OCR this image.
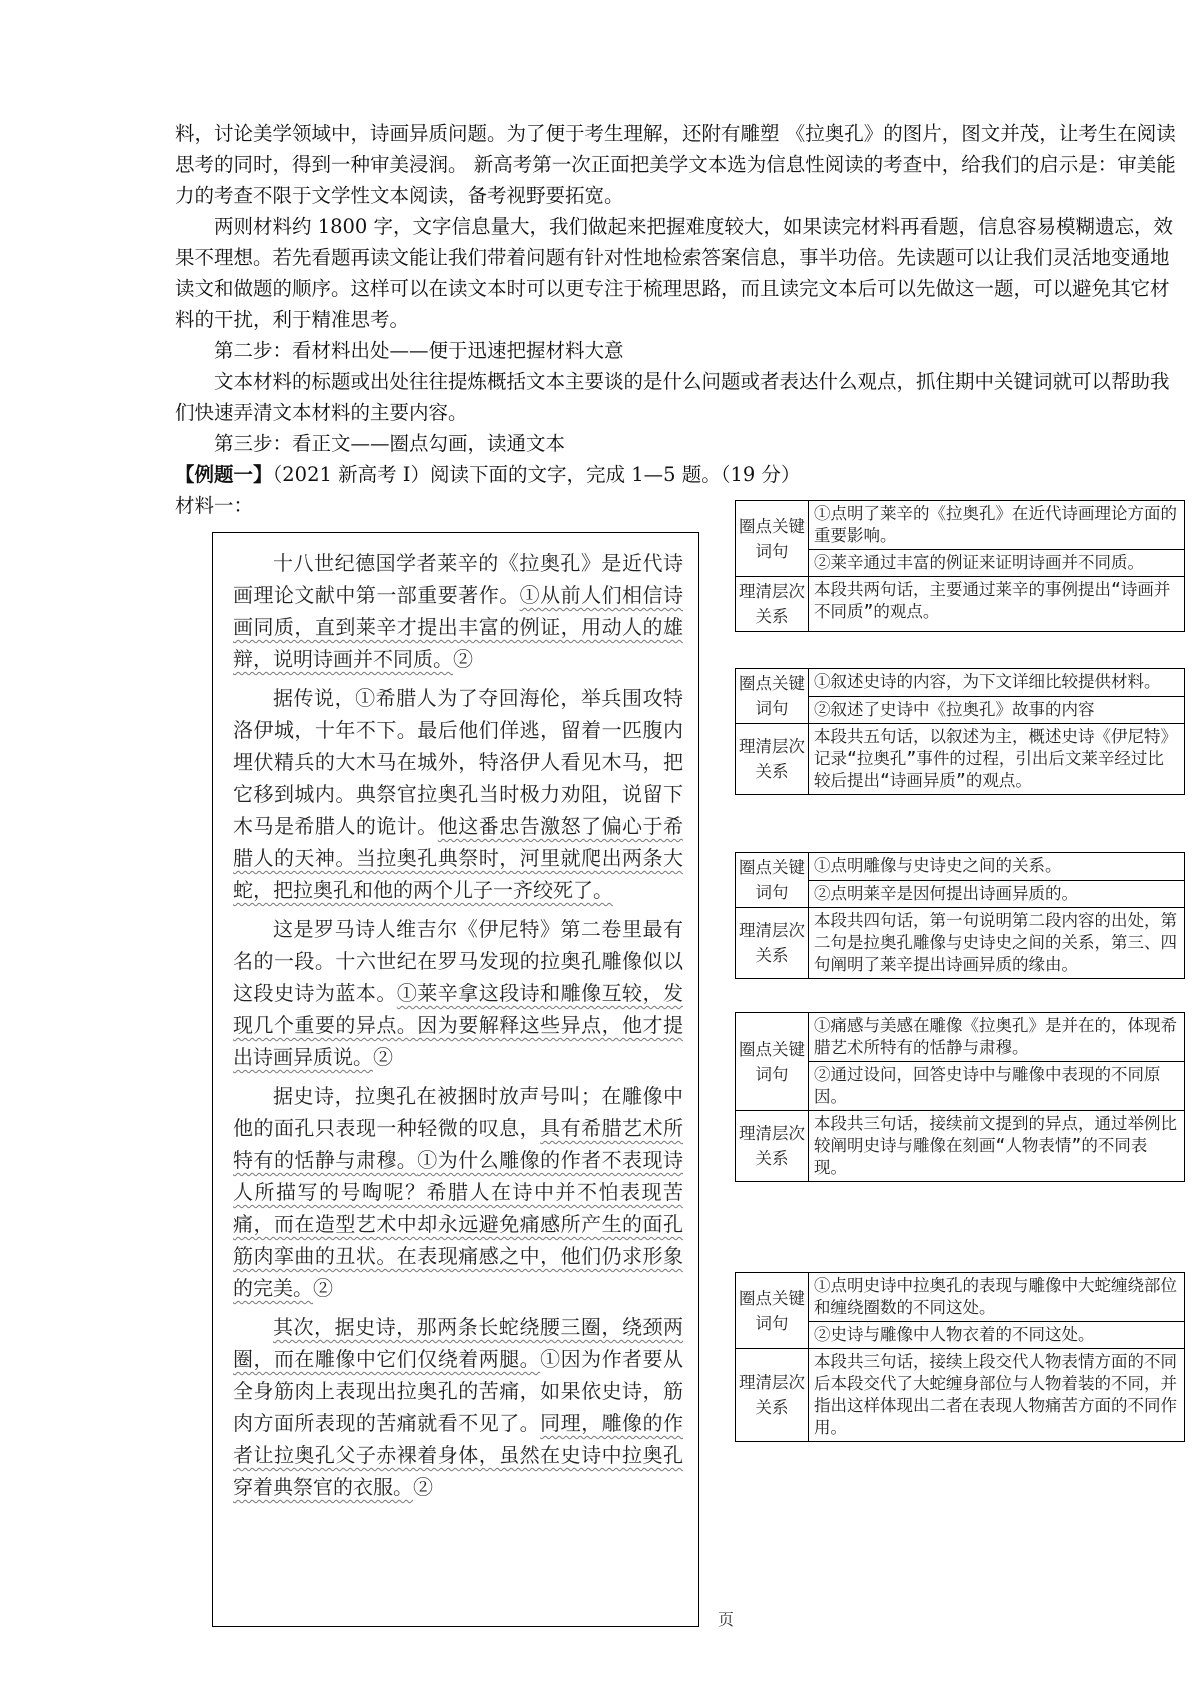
料，讨论美学领域中，诗画异质问题。为了便于考生理解，还附有雕塑 《拉奥孔》的图片，图文并茂，让考生在阅读思考的同时，得到一种审美浸润。 新高考第一次正面把美学文本选为信息性阅读的考查中，给我们的启示是：审美能力的考查不限于文学性文本阅读，备考视野要拓宽。

两则材料约 1800 字，文字信息量大，我们做起来把握难度较大，如果读完材料再看题，信息容易模糊遗忘，效果不理想。若先看题再读文能让我们带着问题有针对性地检索答案信息，事半功倍。先读题可以让我们灵活地变通地读文和做题的顺序。这样可以在读文本时可以更专注于梳理思路，而且读完文本后可以先做这一题，可以避免其它材料的干扰，利于精准思考。

第二步：看材料出处——便于迅速把握材料大意

文本材料的标题或出处往往提炼概括文本主要谈的是什么问题或者表达什么观点，抓住期中关键词就可以帮助我们快速弄清文本材料的主要内容。

第三步：看正文——圈点勾画，读通文本

【例题一】（2021 新高考 I）阅读下面的文字，完成 1—5 题。（19 分）

材料一：

十八世纪德国学者莱辛的《拉奥孔》是近代诗画理论文献中第一部重要著作。①从前人们相信诗画同质，直到莱辛才提出丰富的例证，用动人的雄辩，说明诗画并不同质。②

据传说，①希腊人为了夺回海伦，举兵围攻特洛伊城，十年不下。最后他们佯逃，留着一匹腹内埋伏精兵的大木马在城外，特洛伊人看见木马，把它移到城内。典祭官拉奥孔当时极力劝阻，说留下木马是希腊人的诡计。他这番忠告激怒了偏心于希腊人的天神。当拉奥孔典祭时，河里就爬出两条大蛇，把拉奥孔和他的两个儿子一齐绞死了。

这是罗马诗人维吉尔《伊尼特》第二卷里最有名的一段。十六世纪在罗马发现的拉奥孔雕像似以这段史诗为蓝本。①莱辛拿这段诗和雕像互较，发现几个重要的异点。因为要解释这些异点，他才提出诗画异质说。②

据史诗，拉奥孔在被捆时放声号叫；在雕像中他的面孔只表现一种轻微的叹息，具有希腊艺术所特有的恬静与肃穆。①为什么雕像的作者不表现诗人所描写的号啕呢？希腊人在诗中并不怕表现苦痛，而在造型艺术中却永远避免痛感所产生的面孔筋肉挛曲的丑状。在表现痛感之中，他们仍求形象的完美。②

其次，据史诗，那两条长蛇绕腰三圈，绕颈两圈，而在雕像中它们仅绕着两腿。①因为作者要从全身筋肉上表现出拉奥孔的苦痛，如果依史诗，筋肉方面所表现的苦痛就看不见了。同理，雕像的作者让拉奥孔父子赤裸着身体，虽然在史诗中拉奥孔穿着典祭官的衣服。②

圈点关键词句	①点明了莱辛的《拉奥孔》在近代诗画理论方面的重要影响。
	②莱辛通过丰富的例证来证明诗画并不同质。
理清层次关系	本段共两句话，主要通过莱辛的事例提出“诗画并不同质”的观点。
圈点关键词句	①叙述史诗的内容，为下文详细比较提供材料。
	②叙述了史诗中《拉奥孔》故事的内容
理清层次关系	本段共五句话，以叙述为主，概述史诗《伊尼特》记录“拉奥孔”事件的过程，引出后文莱辛经过比较后提出“诗画异质”的观点。
圈点关键词句	①点明雕像与史诗史之间的关系。
	②点明莱辛是因何提出诗画异质的。
理清层次关系	本段共四句话，第一句说明第二段内容的出处，第二句是拉奥孔雕像与史诗史之间的关系，第三、四句阐明了莱辛提出诗画异质的缘由。
圈点关键词句	①痛感与美感在雕像《拉奥孔》是并在的，体现希腊艺术所特有的恬静与肃穆。
	②通过设问，回答史诗中与雕像中表现的不同原因。
理清层次关系	本段共三句话，接续前文提到的异点，通过举例比较阐明史诗与雕像在刻画“人物表情”的不同表现。
圈点关键词句	①点明史诗中拉奥孔的表现与雕像中大蛇缠绕部位和缠绕圈数的不同这处。
	②史诗与雕像中人物衣着的不同这处。
理清层次关系	本段共三句话，接续上段交代人物表情方面的不同后本段交代了大蛇缠身部位与人物着装的不同，并指出这样体现出二者在表现人物痛苦方面的不同作用。
页
